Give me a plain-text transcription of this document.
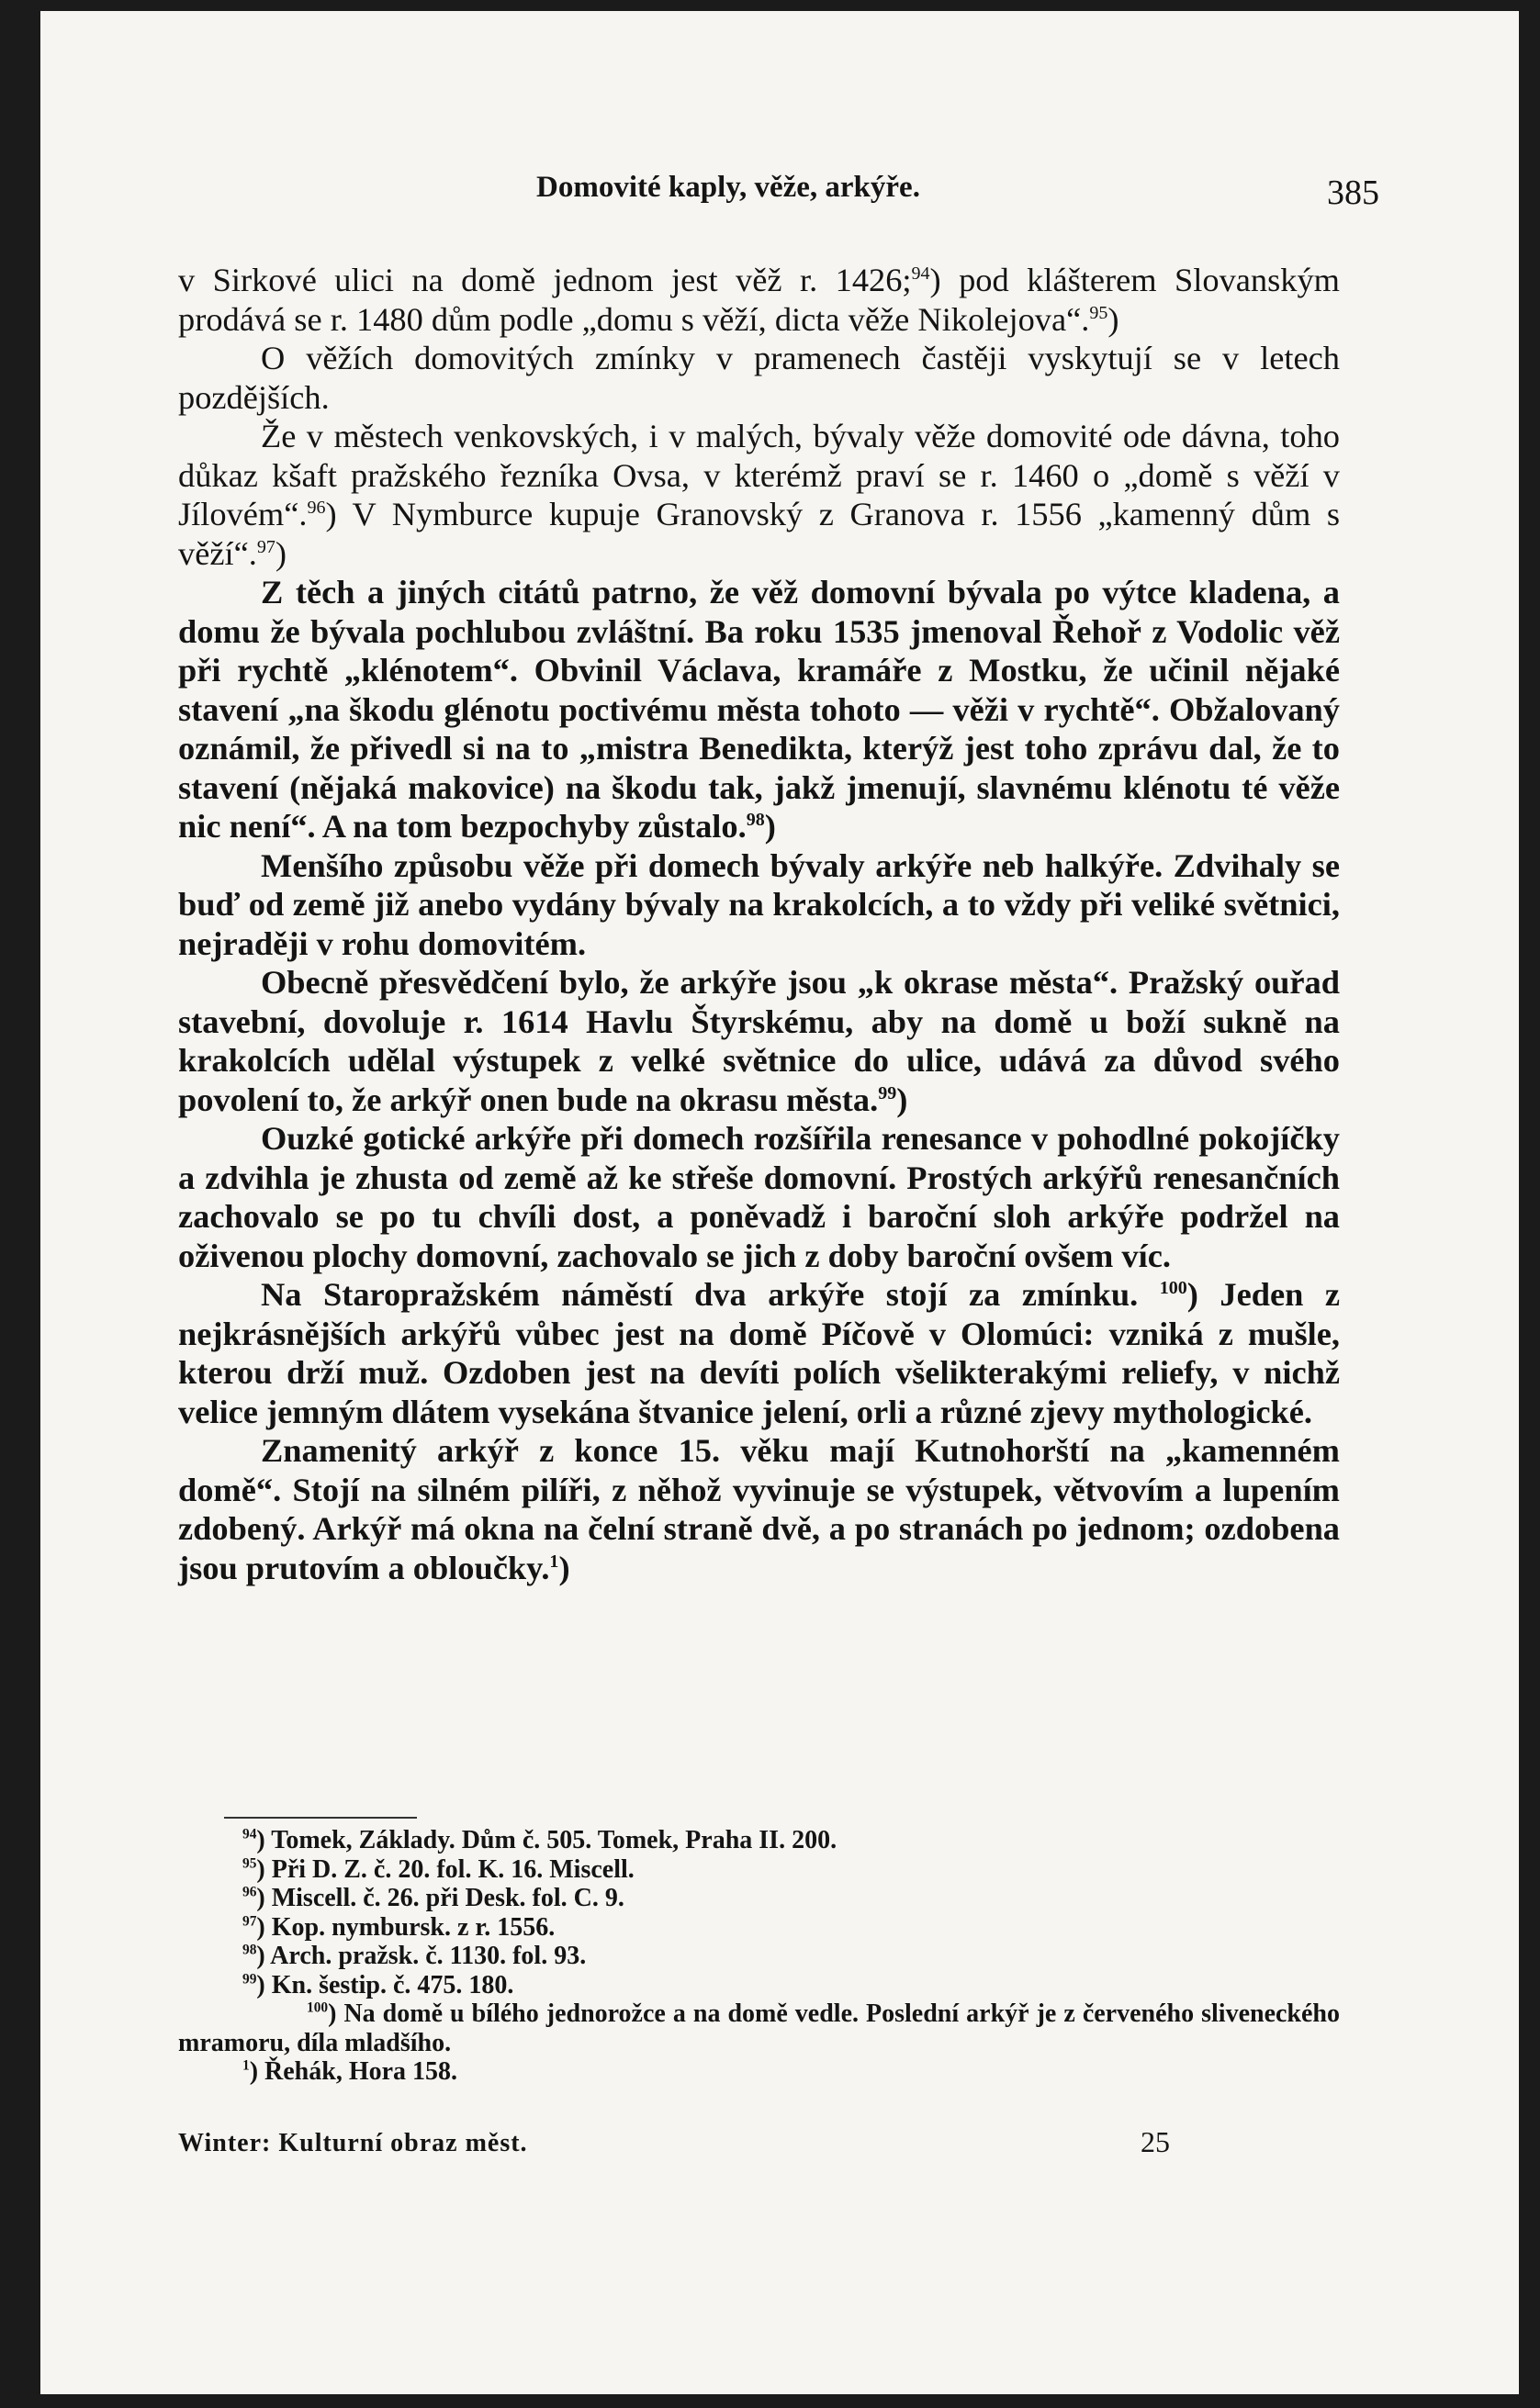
Domovité kaply, věže, arkýře.	385

v Sirkové ulici na domě jednom jest věž r. 1426;$^{94}$) pod klášterem Slovanským prodává se r. 1480 dům podle „domu s věží, dicta věže Nikolejova“.$^{95}$)

O věžích domovitých zmínky v pramenech častěji vyskytují se v letech pozdějších.

Že v městech venkovských, i v malých, bývaly věže domovité ode dávna, toho důkaz kšaft pražského řezníka Ovsa, v kterémž praví se r. 1460 o „domě s věží v Jílovém“.$^{96}$) V Nymburce kupuje Granovský z Granova r. 1556 „kamenný dům s věží“.$^{97}$)

Z těch a jiných citátů patrno, že věž domovní bývala po výtce kladena, a domu že bývala pochlubou zvláštní. Ba roku 1535 jmenoval Řehoř z Vodolic věž při rychtě „klénotem“. Obvinil Václava, kramáře z Mostku, že učinil nějaké stavení „na škodu glénotu poctivému města tohoto — věži v rychtě“. Obžalovaný oznámil, že přivedl si na to „mistra Benedikta, kterýž jest toho zprávu dal, že to stavení (nějaká makovice) na škodu tak, jakž jmenují, slavnému klénotu té věže nic není“. A na tom bezpochyby zůstalo.$^{98}$)

Menšího způsobu věže při domech bývaly arkýře neb halkýře. Zdvihaly se buď od země již anebo vydány bývaly na krakolcích, a to vždy při veliké světnici, nejraději v rohu domovitém.

Obecně přesvědčení bylo, že arkýře jsou „k okrase města“. Pražský ouřad stavební, dovoluje r. 1614 Havlu Štyrskému, aby na domě u boží sukně na krakolcích udělal výstupek z velké světnice do ulice, udává za důvod svého povolení to, že arkýř onen bude na okrasu města.$^{99}$)

Ouzké gotické arkýře při domech rozšířila renesance v pohodlné pokojíčky a zdvihla je zhusta od země až ke střeše domovní. Prostých arkýřů renesančních zachovalo se po tu chvíli dost, a poněvadž i baroční sloh arkýře podržel na oživenou plochy domovní, zachovalo se jich z doby baroční ovšem víc.

Na Staropražském náměstí dva arkýře stojí za zmínku. $^{100}$) Jeden z nejkrásnějších arkýřů vůbec jest na domě Píčově v Olomúci: vzniká z mušle, kterou drží muž. Ozdoben jest na devíti polích všelikterakými reliefy, v nichž velice jemným dlátem vysekána štvanice jelení, orli a různé zjevy mythologické.

Znamenitý arkýř z konce 15. věku mají Kutnohorští na „kamenném domě“. Stojí na silném pilíři, z něhož vyvinuje se výstupek, větvovím a lupením zdobený. Arkýř má okna na čelní straně dvě, a po stranách po jednom; ozdobena jsou prutovím a obloučky.$^1$)

$^{94}$) Tomek, Základy. Dům č. 505. Tomek, Praha II. 200.
$^{95}$) Při D. Z. č. 20. fol. K. 16. Miscell.
$^{96}$) Miscell. č. 26. při Desk. fol. C. 9.
$^{97}$) Kop. nymbursk. z r. 1556.
$^{98}$) Arch. pražsk. č. 1130. fol. 93.
$^{99}$) Kn. šestip. č. 475. 180.
$^{100}$) Na domě u bílého jednorožce a na domě vedle. Poslední arkýř je z červeného sliveneckého mramoru, díla mladšího.
$^1$) Řehák, Hora 158.
Winter: Kulturní obraz měst.	25
